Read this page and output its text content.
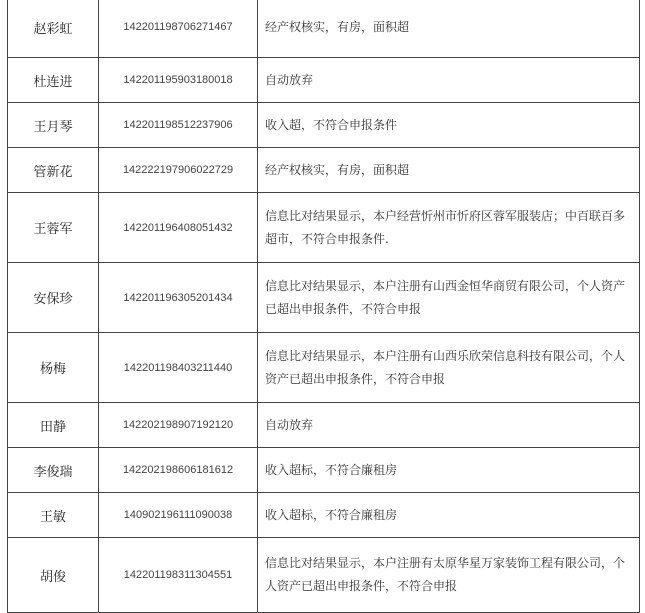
赵彩虹	142201198706271467	经产权核实，有房，面积超
杜连进	142201195903180018	自动放弃
王月琴	142201198512237906	收入超，不符合申报条件
管新花	142222197906022729	经产权核实，有房，面积超
王蓉军	142201196408051432	信息比对结果显示，本户经营忻州市忻府区蓉军服装店；中百联百多超市，不符合申报条件.
安保珍	142201196305201434	信息比对结果显示，本户注册有山西金恒华商贸有限公司，个人资产已超出申报条件，不符合申报
杨梅	142201198403211440	信息比对结果显示，本户注册有山西乐欣荣信息科技有限公司，个人资产已超出申报条件，不符合申报
田静	142202198907192120	自动放弃
李俊瑞	142202198606181612	收入超标，不符合廉租房
王敏	140902196111090038	收入超标，不符合廉租房
胡俊	142201198311304551	信息比对结果显示，本户注册有太原华星万家装饰工程有限公司，个人资产已超出申报条件，不符合申报
